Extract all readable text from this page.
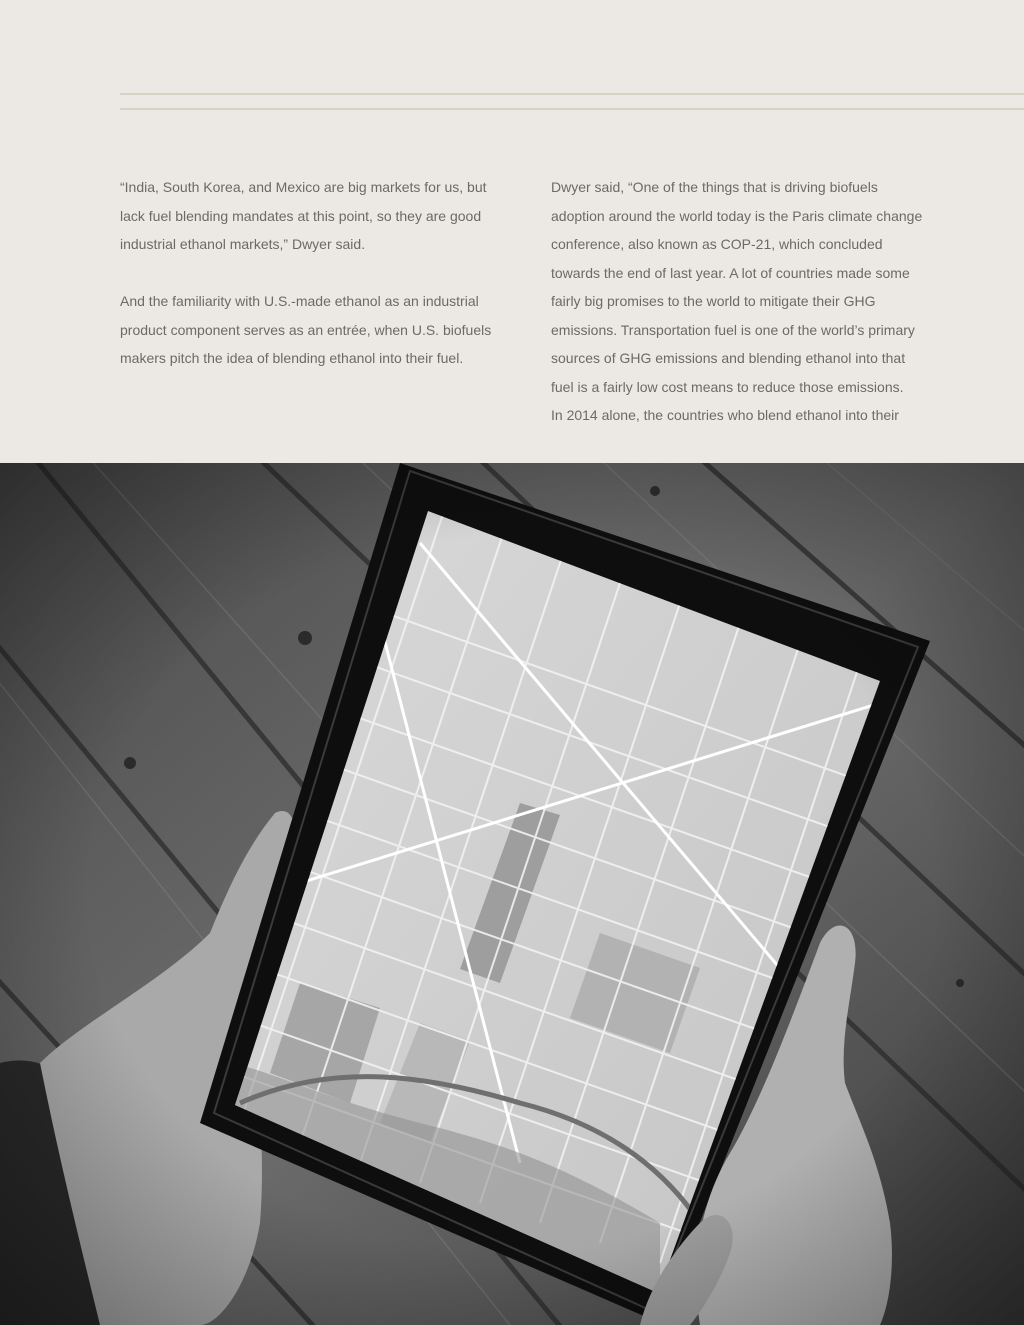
“India, South Korea, and Mexico are big markets for us, but
lack fuel blending mandates at this point, so they are good
industrial ethanol markets,” Dwyer said.

And the familiarity with U.S.-made ethanol as an industrial
product component serves as an entrée, when U.S. biofuels
makers pitch the idea of blending ethanol into their fuel.

Dwyer said, “One of the things that is driving biofuels
adoption around the world today is the Paris climate change
conference, also known as COP-21, which concluded
towards the end of last year. A lot of countries made some
fairly big promises to the world to mitigate their GHG
emissions. Transportation fuel is one of the world’s primary
sources of GHG emissions and blending ethanol into that
fuel is a fairly low cost means to reduce those emissions.
In 2014 alone, the countries who blend ethanol into their
